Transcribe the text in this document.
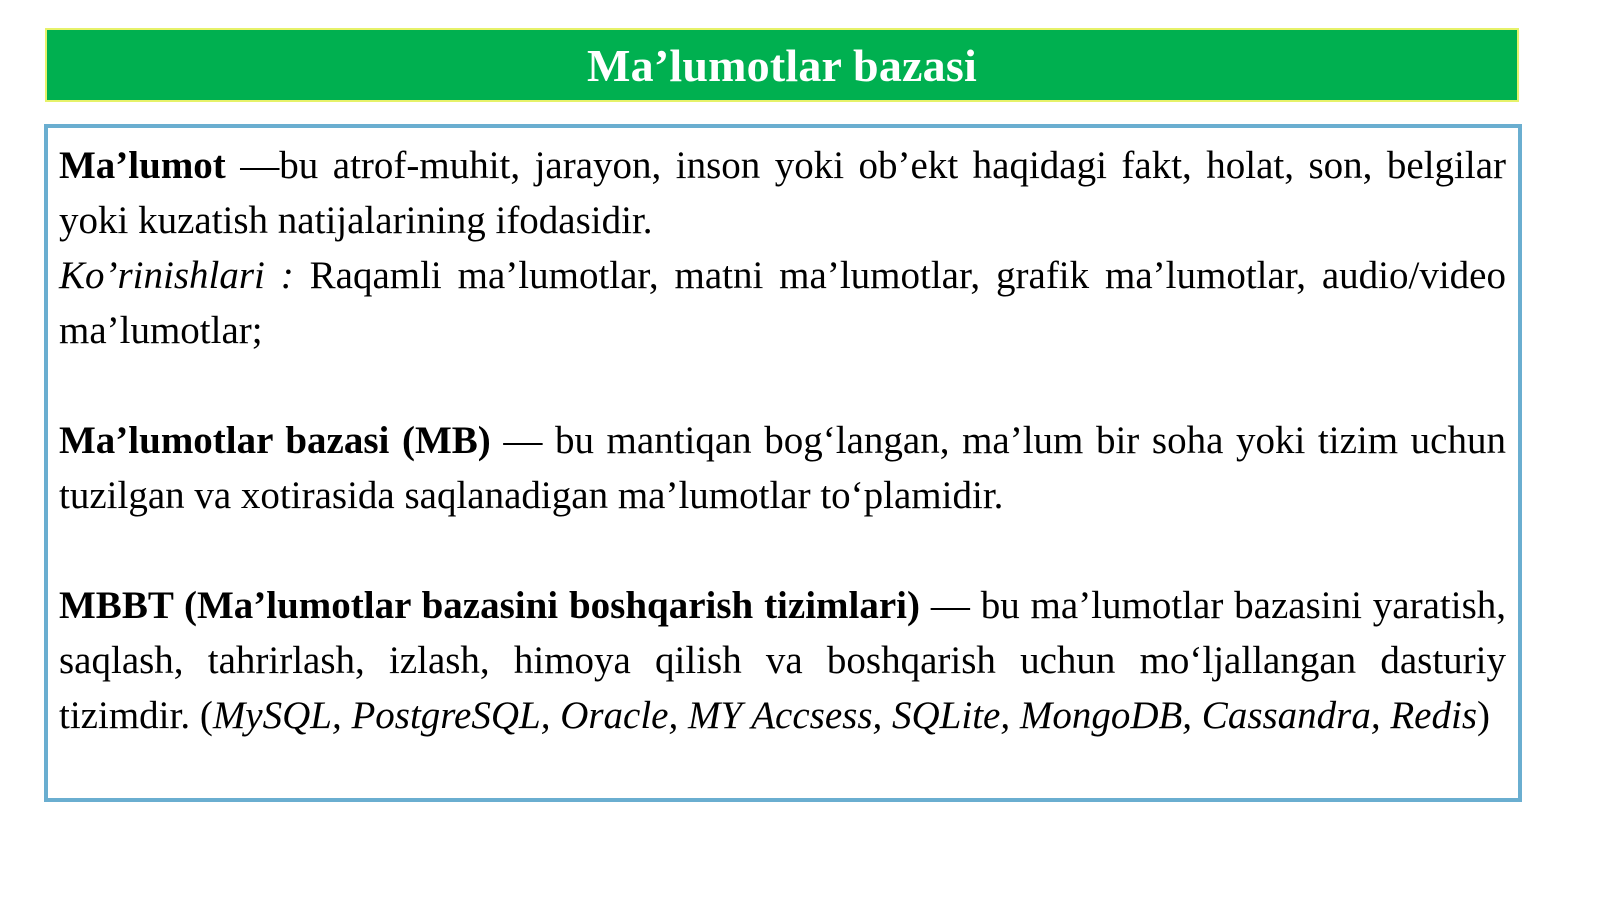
Ma’lumotlar bazasi

Ma’lumot —bu atrof-muhit, jarayon, inson yoki ob’ekt haqidagi fakt, holat, son, belgilar yoki kuzatish natijalarining ifodasidir.

Ko’rinishlari : Raqamli ma’lumotlar, matni ma’lumotlar, grafik ma’lumotlar, audio/video ma’lumotlar;

Ma’lumotlar bazasi (MB) — bu mantiqan bog‘langan, ma’lum bir soha yoki tizim uchun tuzilgan va xotirasida saqlanadigan ma’lumotlar to‘plamidir.

MBBT (Ma’lumotlar bazasini boshqarish tizimlari) — bu ma’lumotlar bazasini yaratish, saqlash, tahrirlash, izlash, himoya qilish va boshqarish uchun mo‘ljallangan dasturiy tizimdir. (MySQL, PostgreSQL, Oracle, MY Accsess, SQLite, MongoDB, Cassandra, Redis)
